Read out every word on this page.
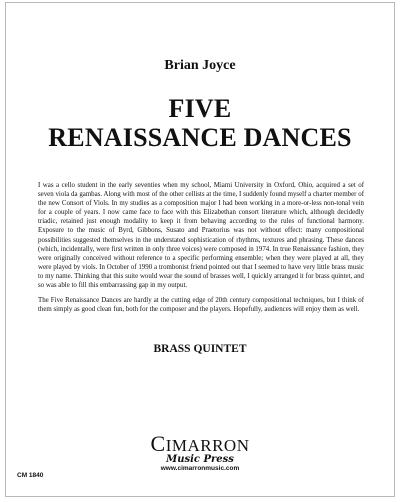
Brian Joyce
FIVE
RENAISSANCE DANCES

I was a cello student in the early seventies when my school, Miami University in Oxford, Ohio, acquired a set of seven viola da gambas. Along with most of the other cellists at the time, I suddenly found myself a charter member of the new Consort of Viols. In my studies as a composition major I had been working in a more-or-less non-tonal vein for a couple of years. I now came face to face with this Elizabethan consort literature which, although decidedly triadic, retained just enough modality to keep it from behaving according to the rules of functional harmony. Exposure to the music of Byrd, Gibbons, Susato and Praetorius was not without effect: many compositional possibilities suggested themselves in the understated sophistication of rhythms, textures and phrasing. These dances (which, incidentally, were first written in only three voices) were composed in 1974. In true Renaissance fashion, they were originally conceived without reference to a specific performing ensemble; when they were played at all, they were played by viols. In October of 1990 a trombonist friend pointed out that I seemed to have very little brass music to my name. Thinking that this suite would wear the sound of brasses well, I quickly arranged it for brass quintet, and so was able to fill this embarrassing gap in my output.

The Five Renaissance Dances are hardly at the cutting edge of 20th century compositional techniques, but I think of them simply as good clean fun, both for the composer and the players. Hopefully, audiences will enjoy them as well.

BRASS QUINTET
CIMARRON
Music Press
www.cimarronmusic.com
CM 1840
